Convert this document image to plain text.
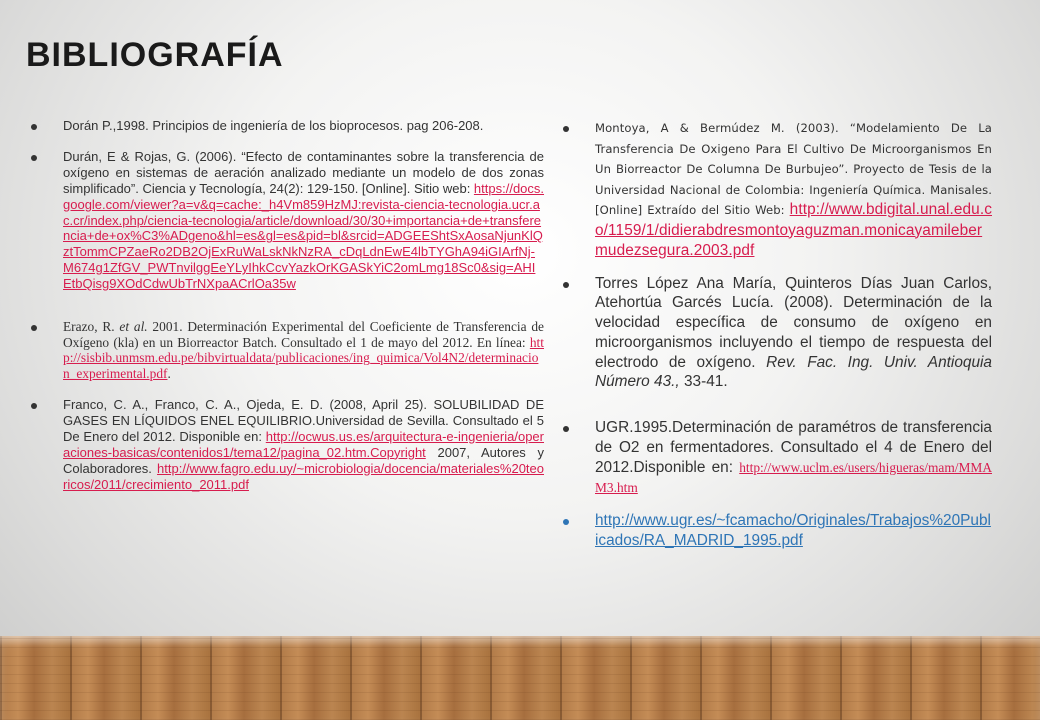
BIBLIOGRAFÍA
Dorán P.,1998. Principios de ingeniería de los bioprocesos. pag 206-208.
Durán, E & Rojas, G. (2006). “Efecto de contaminantes sobre la transferencia de oxígeno en sistemas de aeración analizado mediante un modelo de dos zonas simplificado”. Ciencia y Tecnología, 24(2): 129-150. [Online]. Sitio web: https://docs.google.com/viewer?a=v&q=cache:_h4Vm859HzMJ:revista-ciencia-tecnologia.ucr.ac.cr/index.php/ciencia-tecnologia/article/download/30/30+importancia+de+transferencia+de+ox%C3%ADgeno&hl=es&gl=es&pid=bl&srcid=ADGEEShtSxAosaNjunKlQztTommCPZaeRo2DB2OjExRuWaLskNkNzRA_cDqLdnEwE4lbTYGhA94iGIArfNj-M674g1ZfGV_PWTnvilggEeYLyIhkCcvYazkOrKGASkYiC2omLmg18Sc0&sig=AHIEtbQisg9XOdCdwUbTrNXpaACrlOa35w
Erazo, R. et al. 2001. Determinación Experimental del Coeficiente de Transferencia de Oxígeno (kla) en un Biorreactor Batch. Consultado el 1 de mayo del 2012. En línea: http://sisbib.unmsm.edu.pe/bibvirtualdata/publicaciones/ing_quimica/Vol4N2/determinacion_experimental.pdf.
Franco, C. A., Franco, C. A., Ojeda, E. D. (2008, April 25). SOLUBILIDAD DE GASES EN LÍQUIDOS ENEL EQUILIBRIO.Universidad de Sevilla. Consultado el 5 De Enero del 2012. Disponible en: http://ocwus.us.es/arquitectura-e-ingenieria/operaciones-basicas/contenidos1/tema12/pagina_02.htm.Copyright 2007, Autores y Colaboradores. http://www.fagro.edu.uy/~microbiologia/docencia/materiales%20teoricos/2011/crecimiento_2011.pdf
Montoya, A & Bermúdez M. (2003). “Modelamiento De La Transferencia De Oxigeno Para El Cultivo De Microorganismos En Un Biorreactor De Columna De Burbujeo”. Proyecto de Tesis de la Universidad Nacional de Colombia: Ingeniería Química. Manisales. [Online] Extraído del Sitio Web: http://www.bdigital.unal.edu.co/1159/1/didierabdresmontoyaguzman.monicayamilebermudezsegura.2003.pdf
Torres López Ana María, Quinteros Días Juan Carlos, Atehortúa Garcés Lucía. (2008). Determinación de la velocidad específica de consumo de oxígeno en microorganismos incluyendo el tiempo de respuesta del electrodo de oxígeno. Rev. Fac. Ing. Univ. Antioquia Número 43., 33-41.
UGR.1995.Determinación de paramétros de transferencia de O2 en fermentadores. Consultado el 4 de Enero del 2012.Disponible en: http://www.uclm.es/users/higueras/mam/MMAM3.htm
http://www.ugr.es/~fcamacho/Originales/Trabajos%20Publicados/RA_MADRID_1995.pdf
